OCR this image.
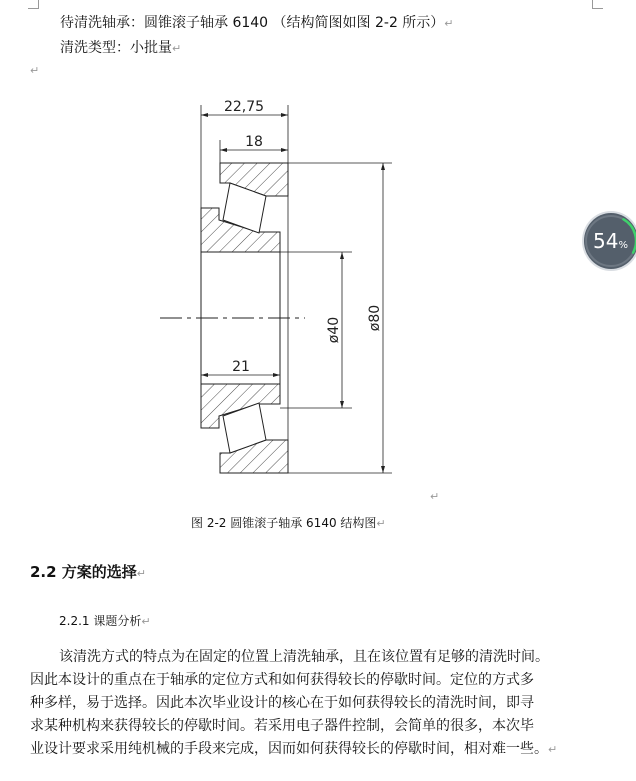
待清洗轴承：圆锥滚子轴承 6140 （结构简图如图 2-2 所示）↵
清洗类型：小批量↵
↵
22,75
18
21
ø40 ø80
↵
图 2-2 圆锥滚子轴承 6140 结构图↵
2.2 方案的选择↵
2.2.1 课题分析↵
该清洗方式的特点为在固定的位置上清洗轴承，且在该位置有足够的清洗时间。
因此本设计的重点在于轴承的定位方式和如何获得较长的停歇时间。定位的方式多
种多样，易于选择。因此本次毕业设计的核心在于如何获得较长的清洗时间，即寻
求某种机构来获得较长的停歇时间。若采用电子器件控制，会简单的很多，本次毕
业设计要求采用纯机械的手段来完成，因而如何获得较长的停歇时间，相对难一些。↵
54%
